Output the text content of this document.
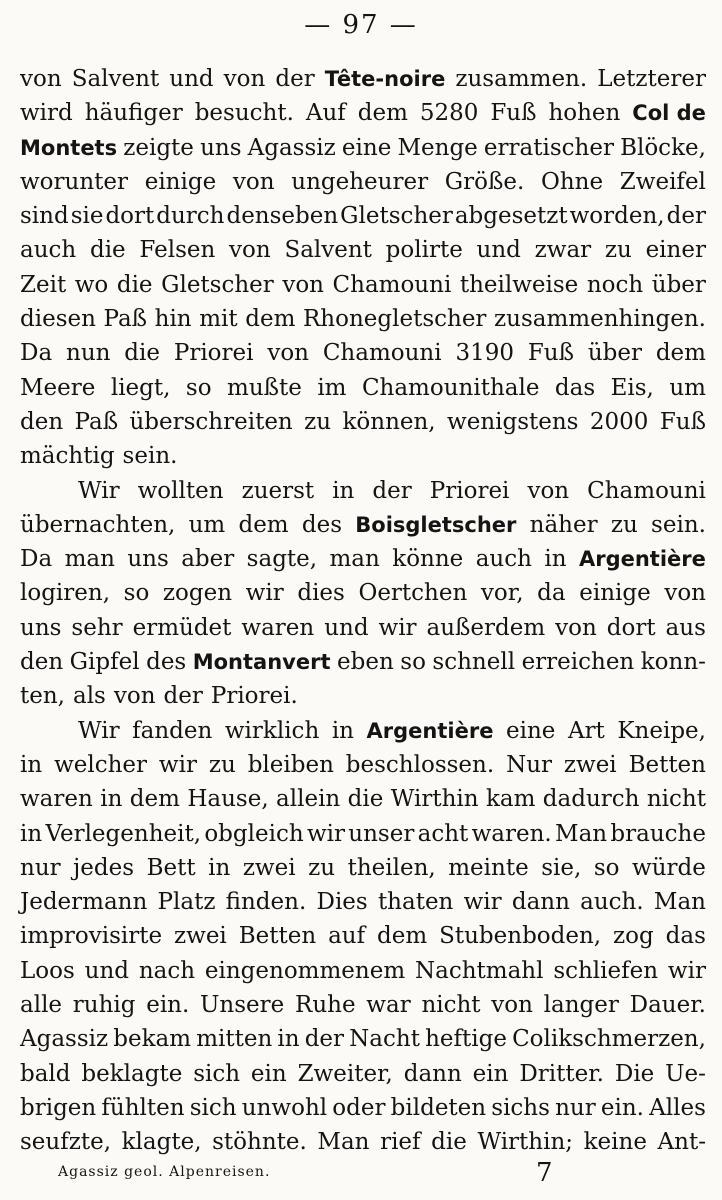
— 97 —
von Salvent und von der Tête-noire zusammen. Letzterer
wird häufiger besucht. Auf dem 5280 Fuß hohen Col de
Montets zeigte uns Agassiz eine Menge erratischer Blöcke,
worunter einige von ungeheurer Größe. Ohne Zweifel
sind sie dort durch denseben Gletscher abgesetzt worden, der
auch die Felsen von Salvent polirte und zwar zu einer
Zeit wo die Gletscher von Chamouni theilweise noch über
diesen Paß hin mit dem Rhonegletscher zusammenhingen.
Da nun die Priorei von Chamouni 3190 Fuß über dem
Meere liegt, so mußte im Chamounithale das Eis, um
den Paß überschreiten zu können, wenigstens 2000 Fuß
mächtig sein.
Wir wollten zuerst in der Priorei von Chamouni
übernachten, um dem des Boisgletscher näher zu sein.
Da man uns aber sagte, man könne auch in Argentière
logiren, so zogen wir dies Oertchen vor, da einige von
uns sehr ermüdet waren und wir außerdem von dort aus
den Gipfel des Montanvert eben so schnell erreichen konn-
ten, als von der Priorei.
Wir fanden wirklich in Argentière eine Art Kneipe,
in welcher wir zu bleiben beschlossen. Nur zwei Betten
waren in dem Hause, allein die Wirthin kam dadurch nicht
in Verlegenheit, obgleich wir unser acht waren. Man brauche
nur jedes Bett in zwei zu theilen, meinte sie, so würde
Jedermann Platz finden. Dies thaten wir dann auch. Man
improvisirte zwei Betten auf dem Stubenboden, zog das
Loos und nach eingenommenem Nachtmahl schliefen wir
alle ruhig ein. Unsere Ruhe war nicht von langer Dauer.
Agassiz bekam mitten in der Nacht heftige Colikschmerzen,
bald beklagte sich ein Zweiter, dann ein Dritter. Die Ue-
brigen fühlten sich unwohl oder bildeten sichs nur ein. Alles
seufzte, klagte, stöhnte. Man rief die Wirthin; keine Ant-
Agassiz geol. Alpenreisen.	7
